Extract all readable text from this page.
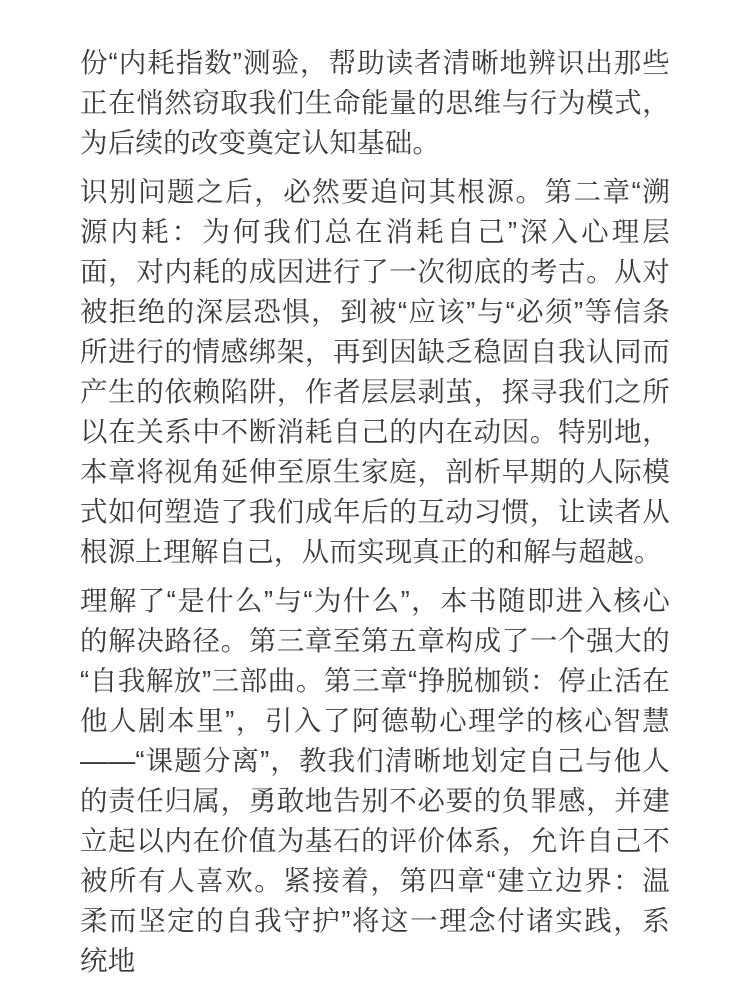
份“内耗指数”测验，帮助读者清晰地辨识出那些正在悄然窃取我们生命能量的思维与行为模式，为后续的改变奠定认知基础。

识别问题之后，必然要追问其根源。第二章“溯源内耗：为何我们总在消耗自己”深入心理层面，对内耗的成因进行了一次彻底的考古。从对被拒绝的深层恐惧，到被“应该”与“必须”等信条所进行的情感绑架，再到因缺乏稳固自我认同而产生的依赖陷阱，作者层层剥茧，探寻我们之所以在关系中不断消耗自己的内在动因。特别地，本章将视角延伸至原生家庭，剖析早期的人际模式如何塑造了我们成年后的互动习惯，让读者从根源上理解自己，从而实现真正的和解与超越。

理解了“是什么”与“为什么”，本书随即进入核心的解决路径。第三章至第五章构成了一个强大的“自我解放”三部曲。第三章“挣脱枷锁：停止活在他人剧本里”，引入了阿德勒心理学的核心智慧——“课题分离”，教我们清晰地划定自己与他人的责任归属，勇敢地告别不必要的负罪感，并建立起以内在价值为基石的评价体系，允许自己不被所有人喜欢。紧接着，第四章“建立边界：温柔而坚定的自我守护”将这一理念付诸实践，系统地
